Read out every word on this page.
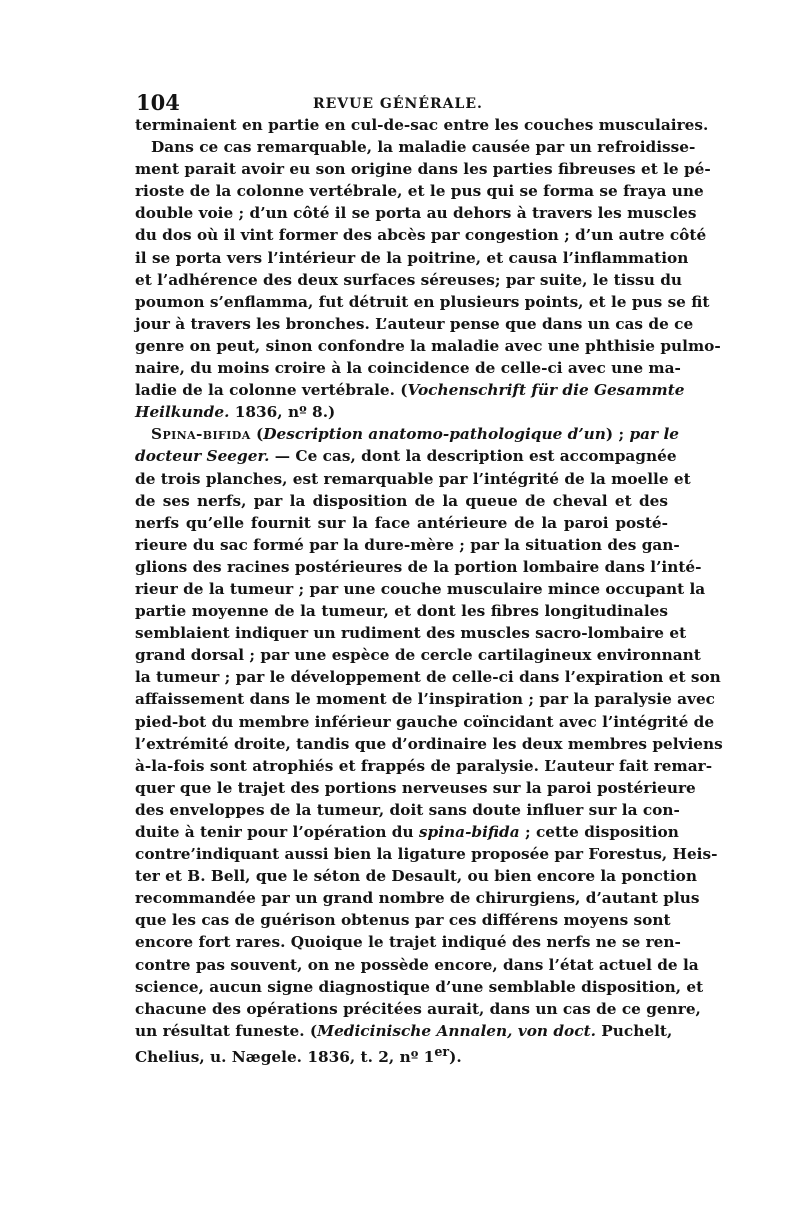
104	REVUE GÉNÉRALE.
terminaient en partie en cul-de-sac entre les couches musculaires.
Dans ce cas remarquable, la maladie causée par un refroidisse-
ment parait avoir eu son origine dans les parties fibreuses et le pé-
rioste de la colonne vertébrale, et le pus qui se forma se fraya une
double voie ; d’un côté il se porta au dehors à travers les muscles
du dos où il vint former des abcès par congestion ; d’un autre côté
il se porta vers l’intérieur de la poitrine, et causa l’inflammation
et l’adhérence des deux surfaces séreuses; par suite, le tissu du
poumon s’enflamma, fut détruit en plusieurs points, et le pus se fit
jour à travers les bronches. L’auteur pense que dans un cas de ce
genre on peut, sinon confondre la maladie avec une phthisie pulmo-
naire, du moins croire à la coincidence de celle-ci avec une ma-
ladie de la colonne vertébrale. (Vochenschrift für die Gesammte
Heilkunde. 1836, nº 8.)
Spina-bifida (Description anatomo-pathologique d’un) ; par le
docteur Seeger. — Ce cas, dont la description est accompagnée
de trois planches, est remarquable par l’intégrité de la moelle et
de ses nerfs, par la disposition de la queue de cheval et des
nerfs qu’elle fournit sur la face antérieure de la paroi posté-
rieure du sac formé par la dure-mère ; par la situation des gan-
glions des racines postérieures de la portion lombaire dans l’inté-
rieur de la tumeur ; par une couche musculaire mince occupant la
partie moyenne de la tumeur, et dont les fibres longitudinales
semblaient indiquer un rudiment des muscles sacro-lombaire et
grand dorsal ; par une espèce de cercle cartilagineux environnant
la tumeur ; par le développement de celle-ci dans l’expiration et son
affaissement dans le moment de l’inspiration ; par la paralysie avec
pied-bot du membre inférieur gauche coïncidant avec l’intégrité de
l’extrémité droite, tandis que d’ordinaire les deux membres pelviens
à-la-fois sont atrophiés et frappés de paralysie. L’auteur fait remar-
quer que le trajet des portions nerveuses sur la paroi postérieure
des enveloppes de la tumeur, doit sans doute influer sur la con-
duite à tenir pour l’opération du spina-bifida ; cette disposition
contre’indiquant aussi bien la ligature proposée par Forestus, Heis-
ter et B. Bell, que le séton de Desault, ou bien encore la ponction
recommandée par un grand nombre de chirurgiens, d’autant plus
que les cas de guérison obtenus par ces différens moyens sont
encore fort rares. Quoique le trajet indiqué des nerfs ne se ren-
contre pas souvent, on ne possède encore, dans l’état actuel de la
science, aucun signe diagnostique d’une semblable disposition, et
chacune des opérations précitées aurait, dans un cas de ce genre,
un résultat funeste. (Medicinische Annalen, von doct. Puchelt,
Chelius, u. Nægele. 1836, t. 2, nº 1er).
